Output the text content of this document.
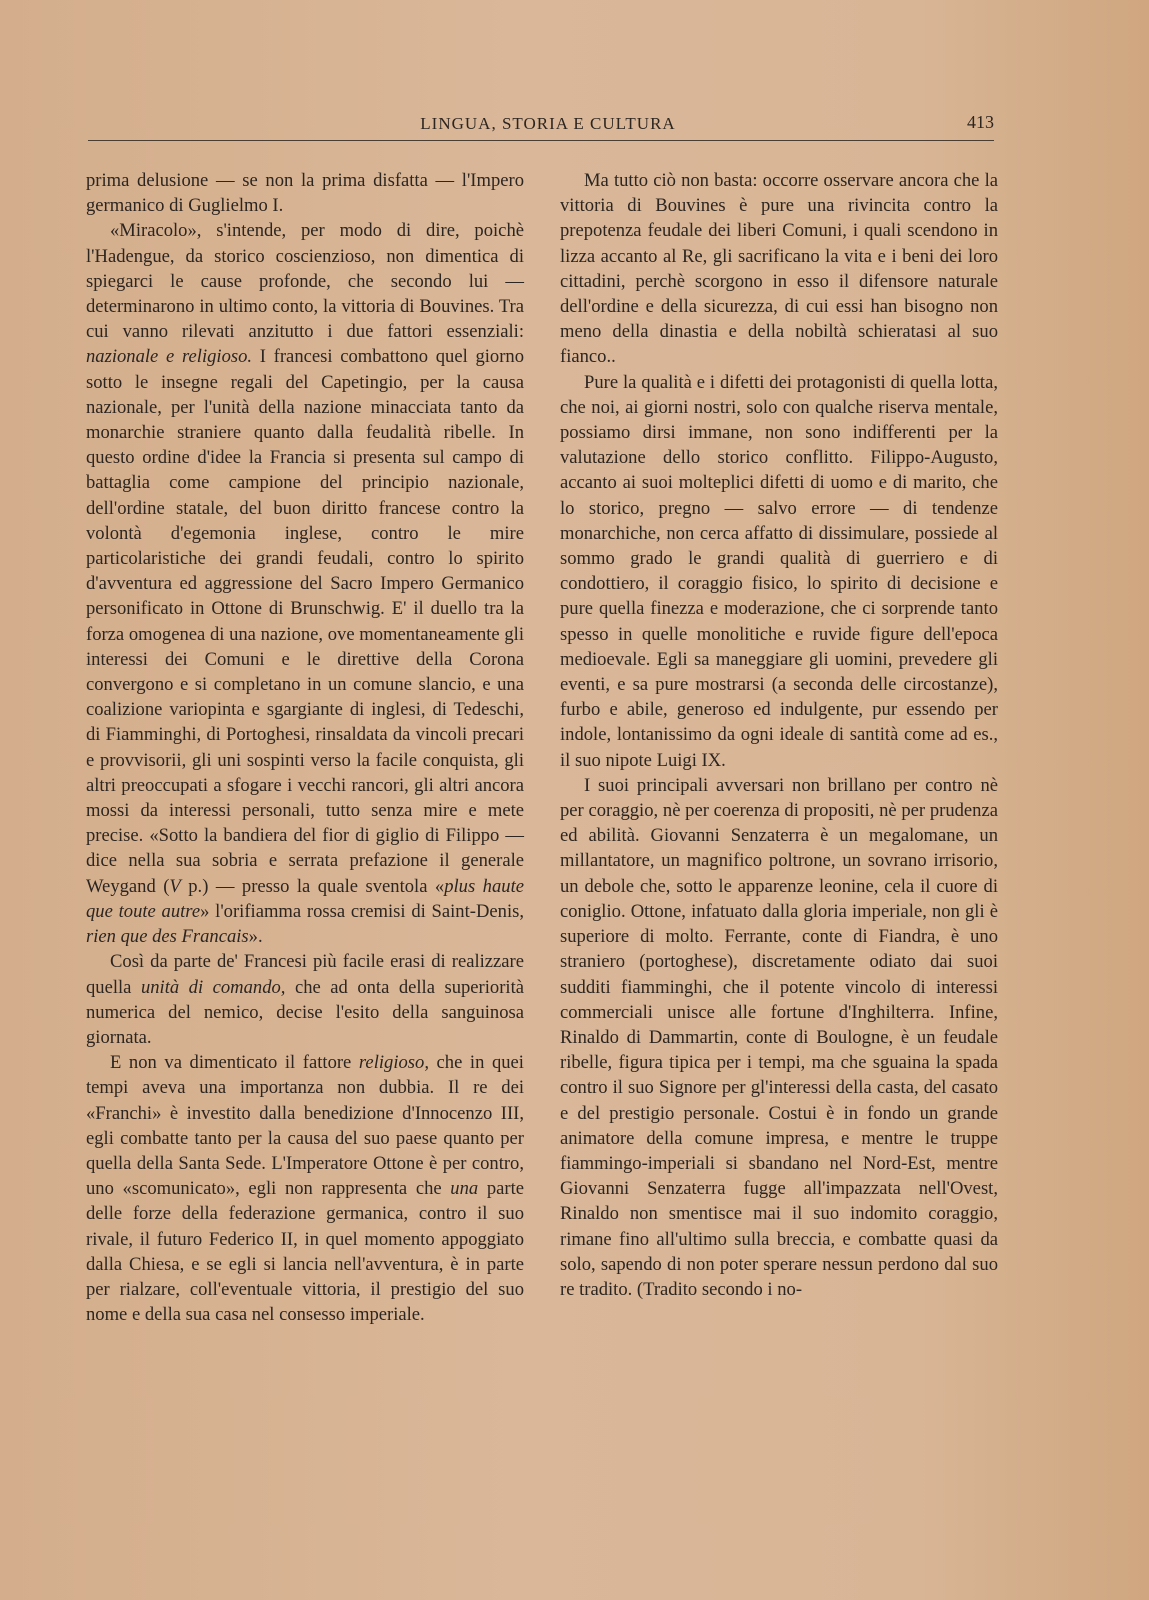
LINGUA, STORIA E CULTURA	413

prima delusione — se non la prima disfatta — l'Impero germanico di Guglielmo I.

«Miracolo», s'intende, per modo di dire, poichè l'Hadengue, da storico coscienzioso, non dimentica di spiegarci le cause profonde, che secondo lui — determinarono in ultimo conto, la vittoria di Bouvines. Tra cui vanno rilevati anzitutto i due fattori essenziali: nazionale e religioso. I francesi combattono quel giorno sotto le insegne regali del Capetingio, per la causa nazionale, per l'unità della nazione minacciata tanto da monarchie straniere quanto dalla feudalità ribelle. In questo ordine d'idee la Francia si presenta sul campo di battaglia come campione del principio nazionale, dell'ordine statale, del buon diritto francese contro la volontà d'egemonia inglese, contro le mire particolaristiche dei grandi feudali, contro lo spirito d'avventura ed aggressione del Sacro Impero Germanico personificato in Ottone di Brunschwig. E' il duello tra la forza omogenea di una nazione, ove momentaneamente gli interessi dei Comuni e le direttive della Corona convergono e si completano in un comune slancio, e una coalizione variopinta e sgargiante di inglesi, di Tedeschi, di Fiamminghi, di Portoghesi, rinsaldata da vincoli precari e provvisorii, gli uni sospinti verso la facile conquista, gli altri preoccupati a sfogare i vecchi rancori, gli altri ancora mossi da interessi personali, tutto senza mire e mete precise. «Sotto la bandiera del fior di giglio di Filippo — dice nella sua sobria e serrata prefazione il generale Weygand (V p.) — presso la quale sventola «plus haute que toute autre» l'orifiamma rossa cremisi di Saint-Denis, rien que des Francais».

Così da parte de' Francesi più facile erasi di realizzare quella unità di comando, che ad onta della superiorità numerica del nemico, decise l'esito della sanguinosa giornata.

E non va dimenticato il fattore religioso, che in quei tempi aveva una importanza non dubbia. Il re dei «Franchi» è investito dalla benedizione d'Innocenzo III, egli combatte tanto per la causa del suo paese quanto per quella della Santa Sede. L'Imperatore Ottone è per contro, uno «scomunicato», egli non rappresenta che una parte delle forze della federazione germanica, contro il suo rivale, il futuro Federico II, in quel momento appoggiato dalla Chiesa, e se egli si lancia nell'avventura, è in parte per rialzare, coll'eventuale vittoria, il prestigio del suo nome e della sua casa nel consesso imperiale.

Ma tutto ciò non basta: occorre osservare ancora che la vittoria di Bouvines è pure una rivincita contro la prepotenza feudale dei liberi Comuni, i quali scendono in lizza accanto al Re, gli sacrificano la vita e i beni dei loro cittadini, perchè scorgono in esso il difensore naturale dell'ordine e della sicurezza, di cui essi han bisogno non meno della dinastia e della nobiltà schieratasi al suo fianco..

Pure la qualità e i difetti dei protagonisti di quella lotta, che noi, ai giorni nostri, solo con qualche riserva mentale, possiamo dirsi immane, non sono indifferenti per la valutazione dello storico conflitto. Filippo-Augusto, accanto ai suoi molteplici difetti di uomo e di marito, che lo storico, pregno — salvo errore — di tendenze monarchiche, non cerca affatto di dissimulare, possiede al sommo grado le grandi qualità di guerriero e di condottiero, il coraggio fisico, lo spirito di decisione e pure quella finezza e moderazione, che ci sorprende tanto spesso in quelle monolitiche e ruvide figure dell'epoca medioevale. Egli sa maneggiare gli uomini, prevedere gli eventi, e sa pure mostrarsi (a seconda delle circostanze), furbo e abile, generoso ed indulgente, pur essendo per indole, lontanissimo da ogni ideale di santità come ad es., il suo nipote Luigi IX.

I suoi principali avversari non brillano per contro nè per coraggio, nè per coerenza di propositi, nè per prudenza ed abilità. Giovanni Senzaterra è un megalomane, un millantatore, un magnifico poltrone, un sovrano irrisorio, un debole che, sotto le apparenze leonine, cela il cuore di coniglio. Ottone, infatuato dalla gloria imperiale, non gli è superiore di molto. Ferrante, conte di Fiandra, è uno straniero (portoghese), discretamente odiato dai suoi sudditi fiamminghi, che il potente vincolo di interessi commerciali unisce alle fortune d'Inghilterra. Infine, Rinaldo di Dammartin, conte di Boulogne, è un feudale ribelle, figura tipica per i tempi, ma che sguaina la spada contro il suo Signore per gl'interessi della casta, del casato e del prestigio personale. Costui è in fondo un grande animatore della comune impresa, e mentre le truppe fiammingo-imperiali si sbandano nel Nord-Est, mentre Giovanni Senzaterra fugge all'impazzata nell'Ovest, Rinaldo non smentisce mai il suo indomito coraggio, rimane fino all'ultimo sulla breccia, e combatte quasi da solo, sapendo di non poter sperare nessun perdono dal suo re tradito. (Tradito secondo i no-
